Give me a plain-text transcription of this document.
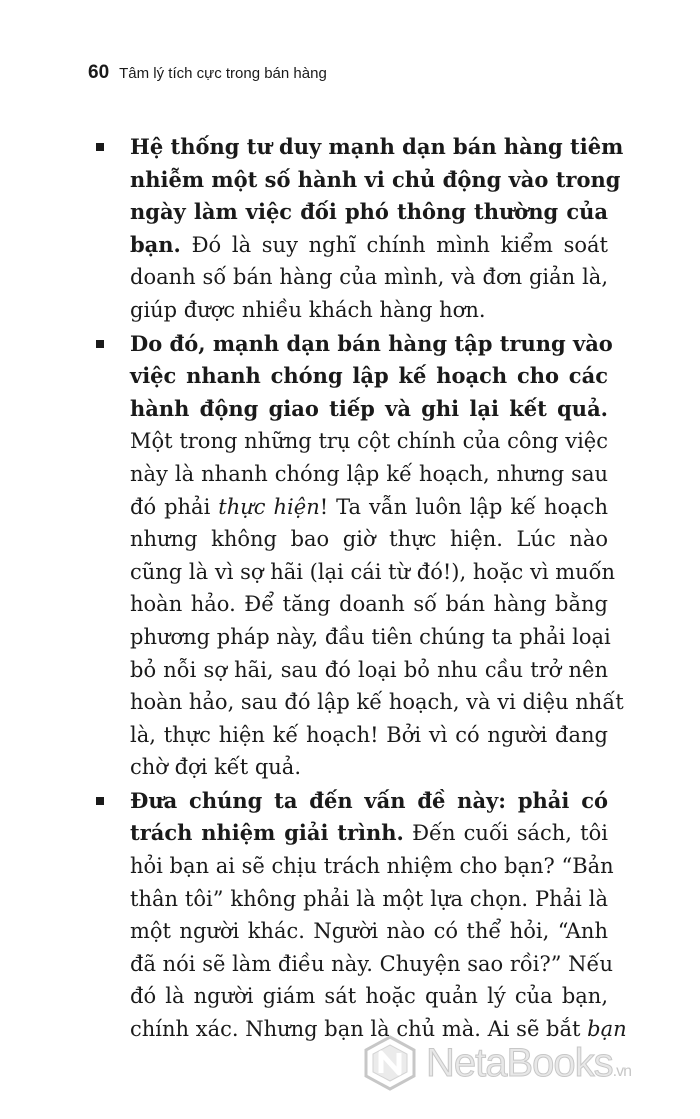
60 Tâm lý tích cực trong bán hàng
Hệ thống tư duy mạnh dạn bán hàng tiêm
nhiễm một số hành vi chủ động vào trong
ngày làm việc đối phó thông thường của
bạn. Đó là suy nghĩ chính mình kiểm soát
doanh số bán hàng của mình, và đơn giản là,
giúp được nhiều khách hàng hơn.
Do đó, mạnh dạn bán hàng tập trung vào
việc nhanh chóng lập kế hoạch cho các
hành động giao tiếp và ghi lại kết quả.
Một trong những trụ cột chính của công việc
này là nhanh chóng lập kế hoạch, nhưng sau
đó phải thực hiện! Ta vẫn luôn lập kế hoạch
nhưng không bao giờ thực hiện. Lúc nào
cũng là vì sợ hãi (lại cái từ đó!), hoặc vì muốn
hoàn hảo. Để tăng doanh số bán hàng bằng
phương pháp này, đầu tiên chúng ta phải loại
bỏ nỗi sợ hãi, sau đó loại bỏ nhu cầu trở nên
hoàn hảo, sau đó lập kế hoạch, và vi diệu nhất
là, thực hiện kế hoạch! Bởi vì có người đang
chờ đợi kết quả.
Đưa chúng ta đến vấn đề này: phải có
trách nhiệm giải trình. Đến cuối sách, tôi
hỏi bạn ai sẽ chịu trách nhiệm cho bạn? “Bản
thân tôi” không phải là một lựa chọn. Phải là
một người khác. Người nào có thể hỏi, “Anh
đã nói sẽ làm điều này. Chuyện sao rồi?” Nếu
đó là người giám sát hoặc quản lý của bạn,
chính xác. Nhưng bạn là chủ mà. Ai sẽ bắt bạn
NetaBooks.vn
